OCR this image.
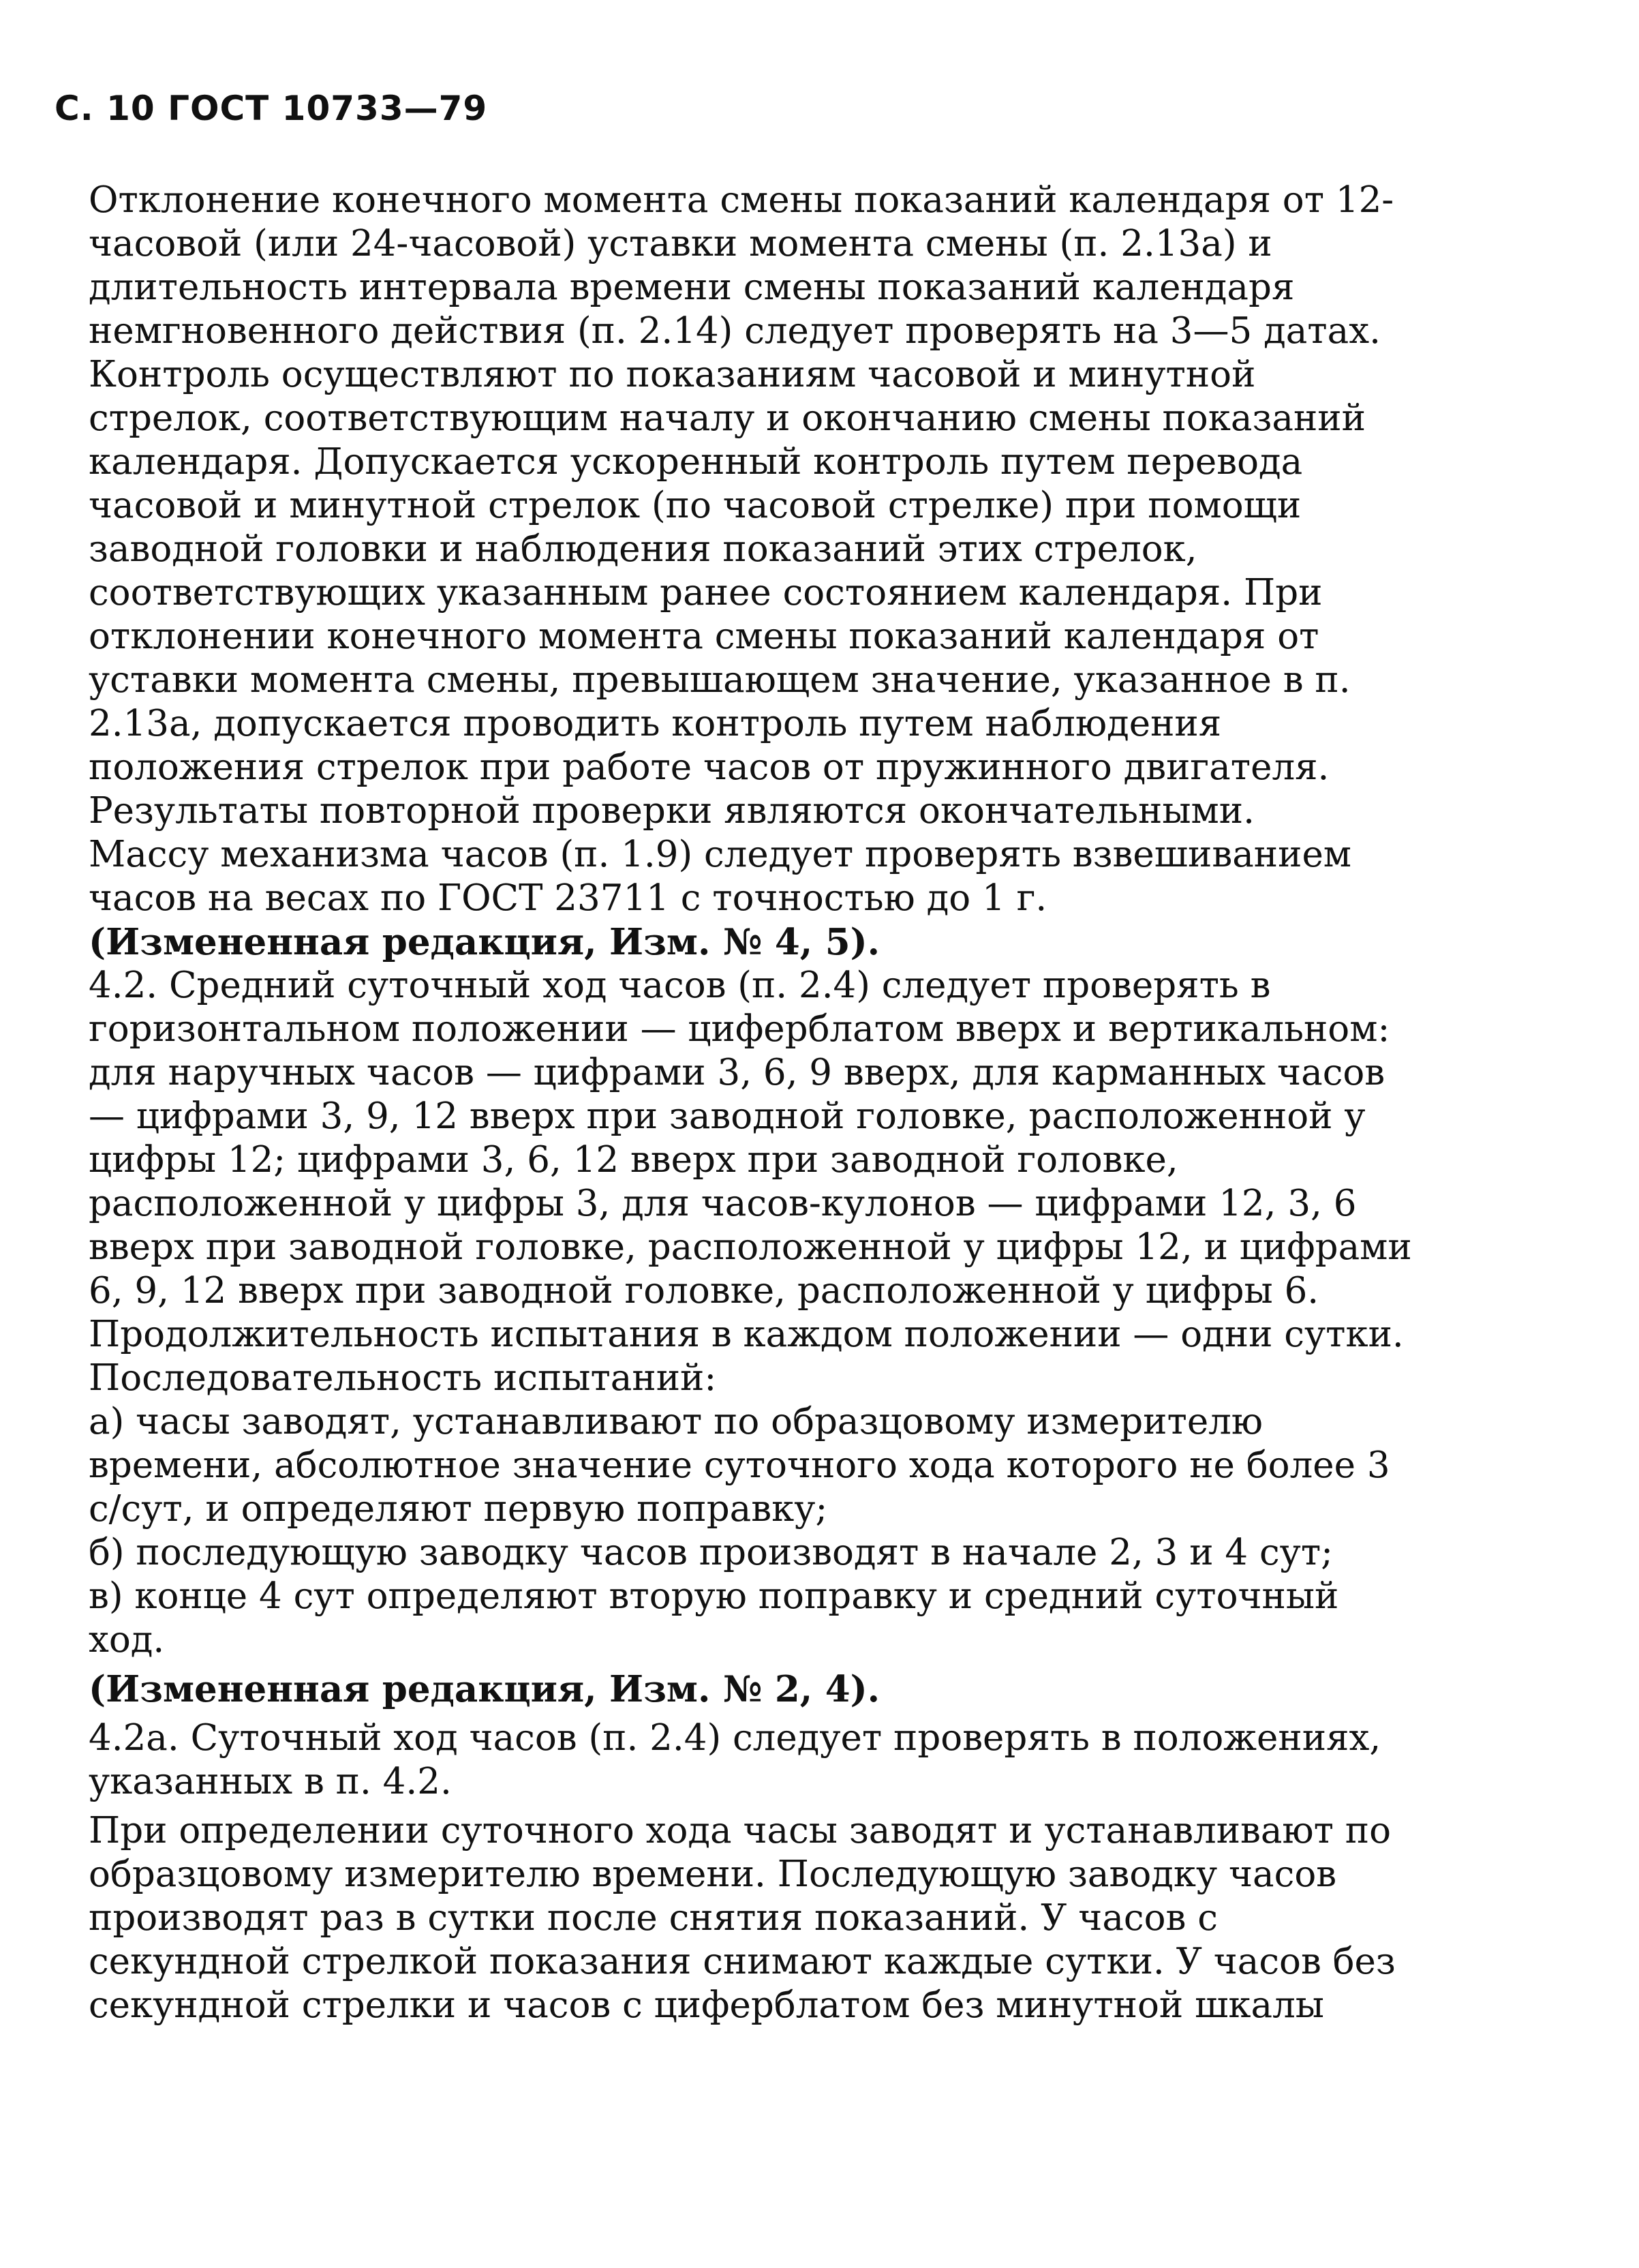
С. 10 ГОСТ 10733—79

Отклонение конечного момента смены показаний календаря от 12-часовой (или 24-часовой) уставки момента смены (п. 2.13а) и длительность интервала времени смены показаний календаря немгновенного действия (п. 2.14) следует проверять на 3—5 датах. Контроль осуществляют по показаниям часовой и минутной стрелок, соответствующим началу и окончанию смены показаний календаря. Допускается ускоренный контроль путем перевода часовой и минутной стрелок (по часовой стрелке) при помощи заводной головки и наблюдения показаний этих стрелок, соответствующих указанным ранее состоянием календаря. При отклонении конечного момента смены показаний календаря от уставки момента смены, превышающем значение, указанное в п. 2.13а, допускается проводить контроль путем наблюдения положения стрелок при работе часов от пружинного двигателя. Результаты повторной проверки являются окончательными.

Массу механизма часов (п. 1.9) следует проверять взвешиванием часов на весах по ГОСТ 23711 с точностью до 1 г.

(Измененная редакция, Изм. № 4, 5).

4.2. Средний суточный ход часов (п. 2.4) следует проверять в горизонтальном положении — циферблатом вверх и вертикальном: для наручных часов — цифрами 3, 6, 9 вверх, для карманных часов — цифрами 3, 9, 12 вверх при заводной головке, расположенной у цифры 12; цифрами 3, 6, 12 вверх при заводной головке, расположенной у цифры 3, для часов-кулонов — цифрами 12, 3, 6 вверх при заводной головке, расположенной у цифры 12, и цифрами 6, 9, 12 вверх при заводной головке, расположенной у цифры 6.

Продолжительность испытания в каждом положении — одни сутки.

Последовательность испытаний:

а) часы заводят, устанавливают по образцовому измерителю времени, абсолютное значение суточного хода которого не более 3 с/сут, и определяют первую поправку;

б) последующую заводку часов производят в начале 2, 3 и 4 сут;

в) конце 4 сут определяют вторую поправку и средний суточный ход.

(Измененная редакция, Изм. № 2, 4).

4.2а. Суточный ход часов (п. 2.4) следует проверять в положениях, указанных в п. 4.2.

При определении суточного хода часы заводят и устанавливают по образцовому измерителю времени. Последующую заводку часов производят раз в сутки после снятия показаний. У часов с секундной стрелкой показания снимают каждые сутки. У часов без секундной стрелки и часов с циферблатом без минутной шкалы
